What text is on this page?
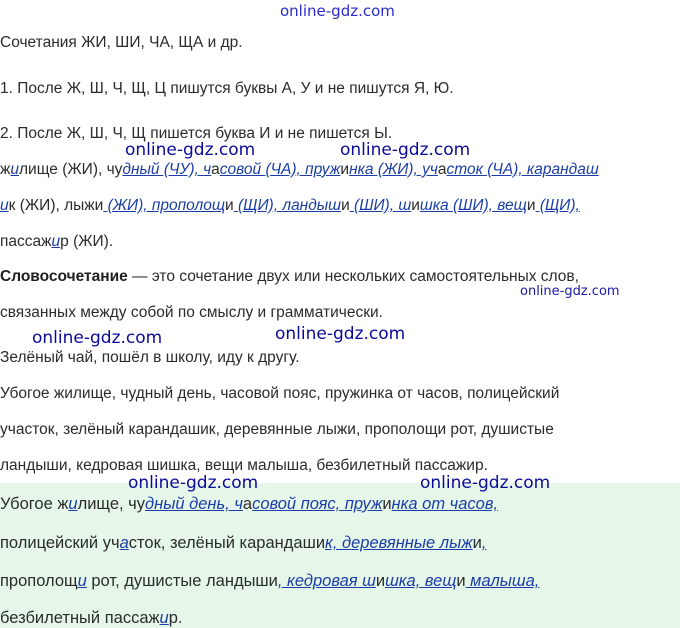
online-gdz.com
Сочетания ЖИ, ШИ, ЧА, ЩА и др.
1. После Ж, Ш, Ч, Щ, Ц пишутся буквы А, У и не пишутся Я, Ю.
2. После Ж, Ш, Ч, Щ пишется буква И и не пишется Ы.
online-gdz.com	online-gdz.com
жилище (ЖИ), чудный (ЧУ), часовой (ЧА), пружинка (ЖИ), участок (ЧА), карандаш
ик (ЖИ), лыжи (ЖИ), прополощи (ЩИ), ландыши (ШИ), шишка (ШИ), вещи (ЩИ),
пассажир (ЖИ).
Словосочетание — это сочетание двух или нескольких самостоятельных слов,
online-gdz.com
связанных между собой по смыслу и грамматически.
online-gdz.com	online-gdz.com
Зелёный чай, пошёл в школу, иду к другу.
Убогое жилище, чудный день, часовой пояс, пружинка от часов, полицейский
участок, зелёный карандашик, деревянные лыжи, прополощи рот, душистые
ландыши, кедровая шишка, вещи малыша, безбилетный пассажир.
online-gdz.com	online-gdz.com
Убогое жилище, чудный день, часовой пояс, пружинка от часов,
полицейский участок, зелёный карандашик, деревянные лыжи,
прополощи рот, душистые ландыши, кедровая шишка, вещи малыша,
безбилетный пассажир.
